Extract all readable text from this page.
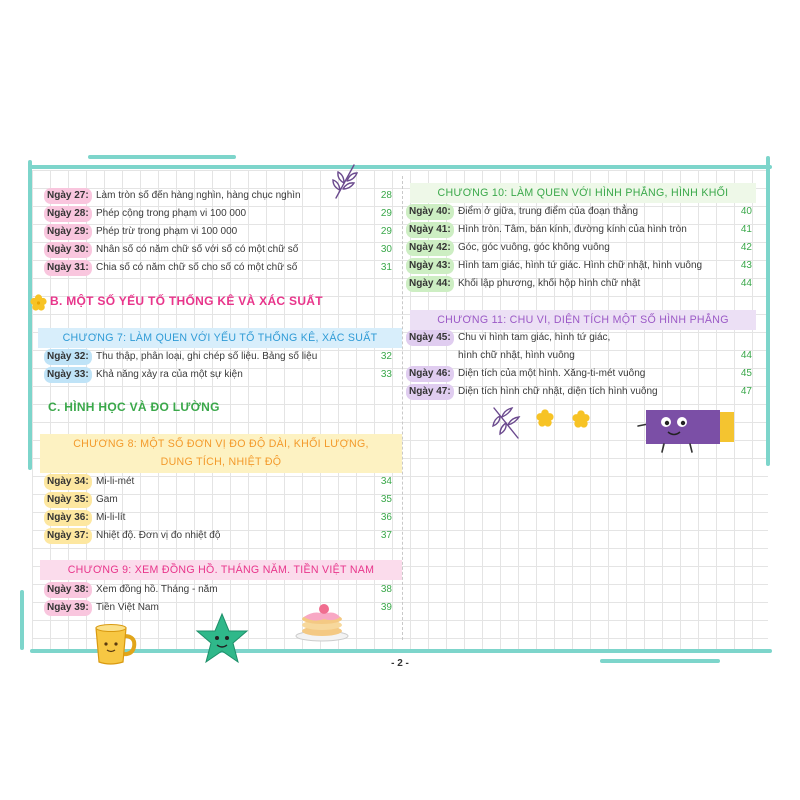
Ngày 27: Làm tròn số đến hàng nghìn, hàng chục nghìn	28
Ngày 28: Phép cộng trong phạm vi 100 000	29
Ngày 29: Phép trừ trong phạm vi 100 000	29
Ngày 30: Nhân số có năm chữ số với số có một chữ số	30
Ngày 31: Chia số có năm chữ số cho số có một chữ số	31
B. MỘT SỐ YẾU TỐ THỐNG KÊ VÀ XÁC SUẤT
CHƯƠNG 7: LÀM QUEN VỚI YẾU TỐ THỐNG KÊ, XÁC SUẤT
Ngày 32: Thu thập, phân loại, ghi chép số liệu. Bảng số liệu	32
Ngày 33: Khả năng xảy ra của một sự kiện	33
C. HÌNH HỌC VÀ ĐO LƯỜNG
CHƯƠNG 8: MỘT SỐ ĐƠN VỊ ĐO ĐỘ DÀI, KHỐI LƯỢNG,
DUNG TÍCH, NHIỆT ĐỘ
Ngày 34: Mi-li-mét	34
Ngày 35: Gam	35
Ngày 36: Mi-li-lít	36
Ngày 37: Nhiệt độ. Đơn vị đo nhiệt độ	37
CHƯƠNG 9: XEM ĐỒNG HỒ. THÁNG NĂM. TIỀN VIỆT NAM
Ngày 38: Xem đồng hồ. Tháng - năm	38
Ngày 39: Tiền Việt Nam	39
CHƯƠNG 10: LÀM QUEN VỚI HÌNH PHẲNG, HÌNH KHỐI
Ngày 40: Điểm ở giữa, trung điểm của đoạn thẳng	40
Ngày 41: Hình tròn. Tâm, bán kính, đường kính của hình tròn	41
Ngày 42: Góc, góc vuông, góc không vuông	42
Ngày 43: Hình tam giác, hình tứ giác. Hình chữ nhật, hình vuông	43
Ngày 44: Khối lập phương, khối hộp hình chữ nhật	44
CHƯƠNG 11: CHU VI, DIỆN TÍCH MỘT SỐ HÌNH PHẲNG
Ngày 45: Chu vi hình tam giác, hình tứ giác,
hình chữ nhật, hình vuông	44
Ngày 46: Diện tích của một hình. Xăng-ti-mét vuông	45
Ngày 47: Diện tích hình chữ nhật, diện tích hình vuông	47
- 2 -
